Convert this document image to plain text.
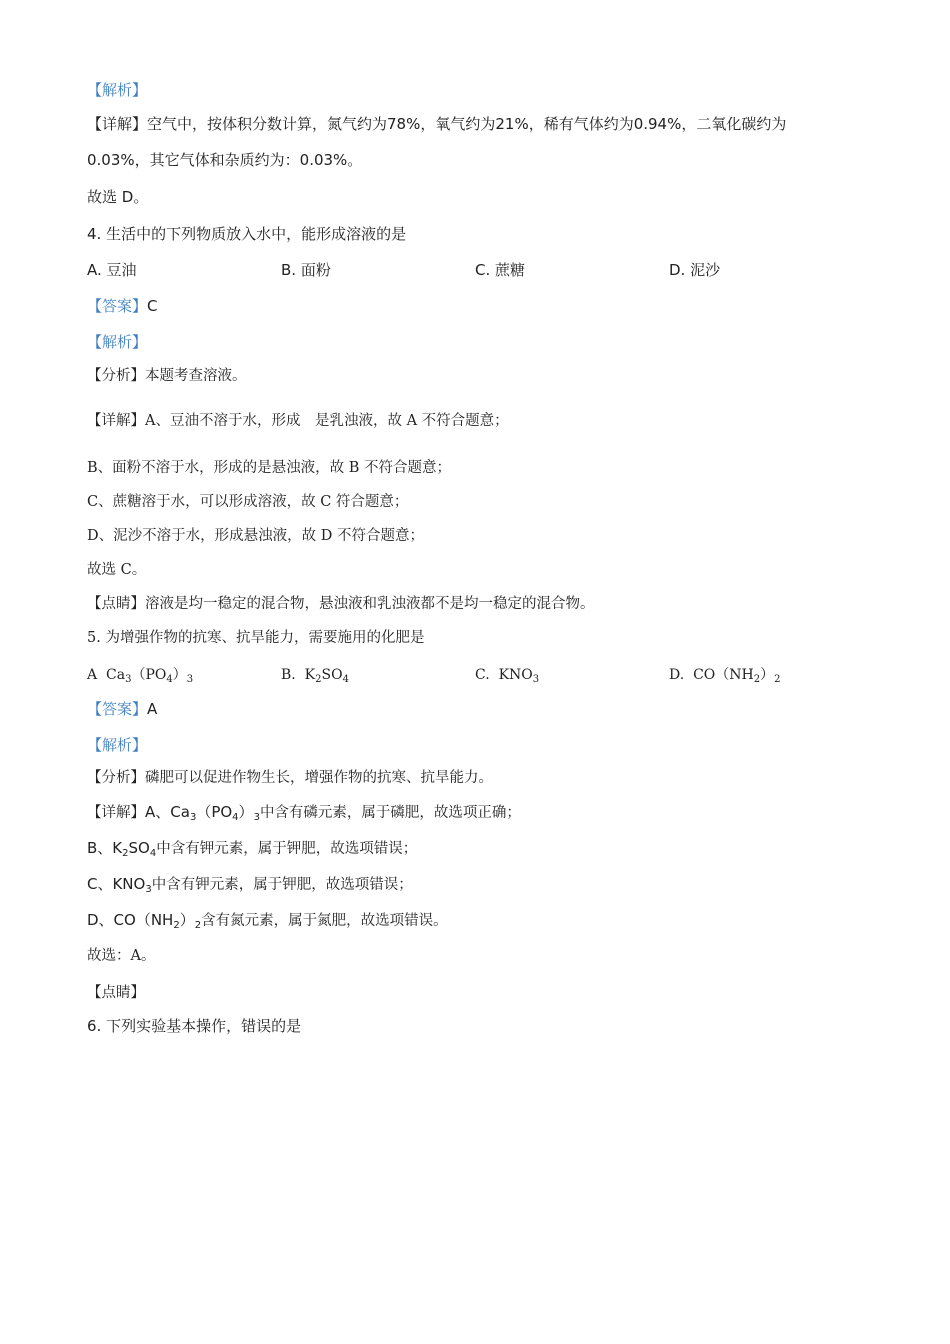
【解析】
【详解】空气中，按体积分数计算，氮气约为78%，氧气约为21%，稀有气体约为0.94%，二氧化碳约为
0.03%，其它气体和杂质约为：0.03%。
故选 D。
4. 生活中的下列物质放入水中，能形成溶液的是
A. 豆油	B. 面粉	C. 蔗糖	D. 泥沙
【答案】C
【解析】
【分析】本题考查溶液。
【详解】A、豆油不溶于水，形成　是乳浊液，故 A 不符合题意；
B、面粉不溶于水，形成的是悬浊液，故 B 不符合题意；
C、蔗糖溶于水，可以形成溶液，故 C 符合题意；
D、泥沙不溶于水，形成悬浊液，故 D 不符合题意；
故选 C。
【点睛】溶液是均一稳定的混合物，悬浊液和乳浊液都不是均一稳定的混合物。
5. 为增强作物的抗寒、抗旱能力，需要施用的化肥是
A $Ca_3(PO_4)_3$	B. $K_2SO_4$	C. $KNO_3$	D. $CO(NH_2)_2$
【答案】A
【解析】
【分析】磷肥可以促进作物生长，增强作物的抗寒、抗旱能力。
【详解】A、$Ca_3(PO_4)_3$中含有磷元素，属于磷肥，故选项正确；
B、$K_2SO_4$中含有钾元素，属于钾肥，故选项错误；
C、$KNO_3$中含有钾元素，属于钾肥，故选项错误；
D、$CO(NH_2)_2$含有氮元素，属于氮肥，故选项错误。
故选：A。
【点睛】
6. 下列实验基本操作，错误的是
